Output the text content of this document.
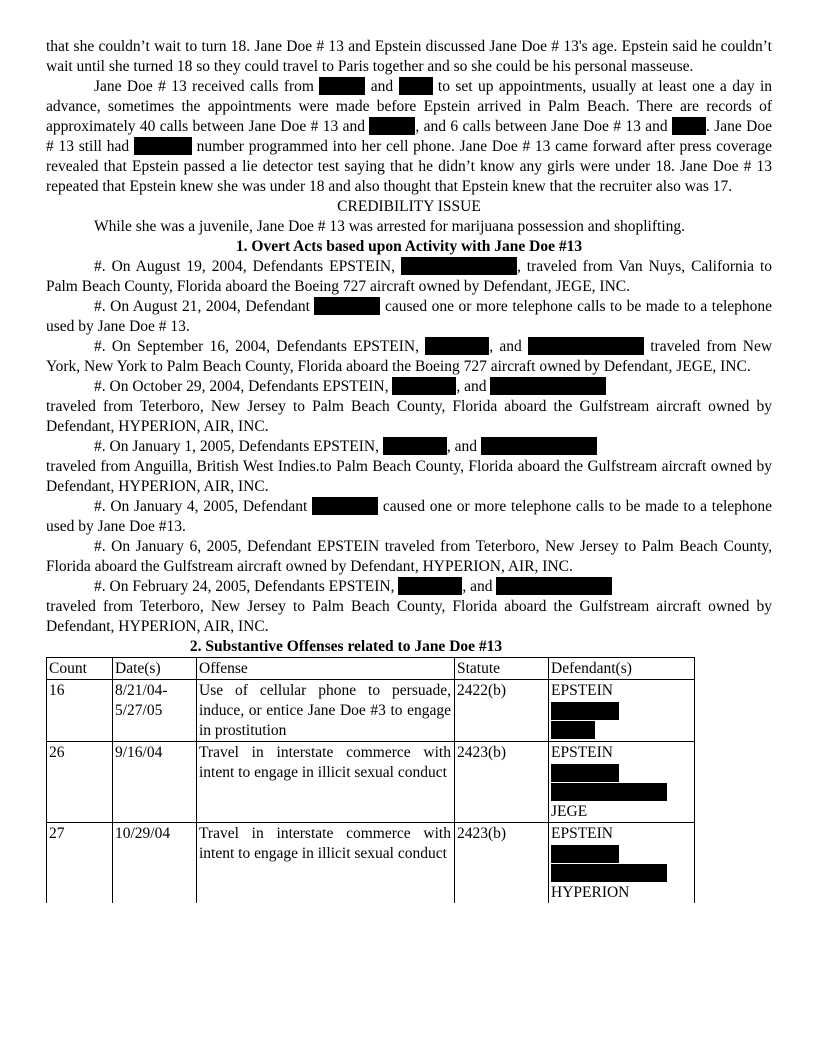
that she couldn’t wait to turn 18. Jane Doe # 13 and Epstein discussed Jane Doe # 13's age. Epstein said he couldn’t wait until she turned 18 so they could travel to Paris together and so she could be his personal masseuse.

Jane Doe # 13 received calls from	and	to set up appointments, usually at least one a day in advance, sometimes the appointments were made before Epstein arrived in Palm Beach. There are records of approximately 40 calls between Jane Doe # 13 and	, and 6 calls between Jane Doe # 13 and . Jane Doe # 13 still had	number programmed into her cell phone. Jane Doe # 13 came forward after press coverage revealed that Epstein passed a lie detector test saying that he didn’t know any girls were under 18. Jane Doe # 13 repeated that Epstein knew she was under 18 and also thought that Epstein knew that the recruiter also was 17.

CREDIBILITY ISSUE

While she was a juvenile, Jane Doe # 13 was arrested for marijuana possession and shoplifting.

1. Overt Acts based upon Activity with Jane Doe #13

#. On August 19, 2004, Defendants EPSTEIN,	, traveled from Van Nuys, California to Palm Beach County, Florida aboard the Boeing 727 aircraft owned by Defendant, JEGE, INC.

#. On August 21, 2004, Defendant	caused one or more telephone calls to be made to a telephone used by Jane Doe # 13.

#. On September 16, 2004, Defendants EPSTEIN,	, and	traveled from New York, New York to Palm Beach County, Florida aboard the Boeing 727 aircraft owned by Defendant, JEGE, INC.

#. On October 29, 2004, Defendants EPSTEIN,	, and
traveled from Teterboro, New Jersey to Palm Beach County, Florida aboard the Gulfstream aircraft owned by Defendant, HYPERION, AIR, INC.

#. On January 1, 2005, Defendants EPSTEIN,	, and
traveled from Anguilla, British West Indies.to Palm Beach County, Florida aboard the Gulfstream aircraft owned by Defendant, HYPERION, AIR, INC.

#. On January 4, 2005, Defendant	caused one or more telephone calls to be made to a telephone used by Jane Doe #13.

#. On January 6, 2005, Defendant EPSTEIN traveled from Teterboro, New Jersey to Palm Beach County, Florida aboard the Gulfstream aircraft owned by Defendant, HYPERION, AIR, INC.

#. On February 24, 2005, Defendants EPSTEIN,	, and
traveled from Teterboro, New Jersey to Palm Beach County, Florida aboard the Gulfstream aircraft owned by Defendant, HYPERION, AIR, INC.

2. Substantive Offenses related to Jane Doe #13

Count	Date(s)	Offense	Statute	Defendant(s)
16	8/21/04-5/27/05	Use of cellular phone to persuade, induce, or entice Jane Doe #3 to engage in prostitution	2422(b)	EPSTEIN

26	9/16/04	Travel in interstate commerce with intent to engage in illicit sexual conduct	2423(b)	EPSTEIN
JEGE

27	10/29/04	Travel in interstate commerce with intent to engage in illicit sexual conduct	2423(b)	EPSTEIN
HYPERION
